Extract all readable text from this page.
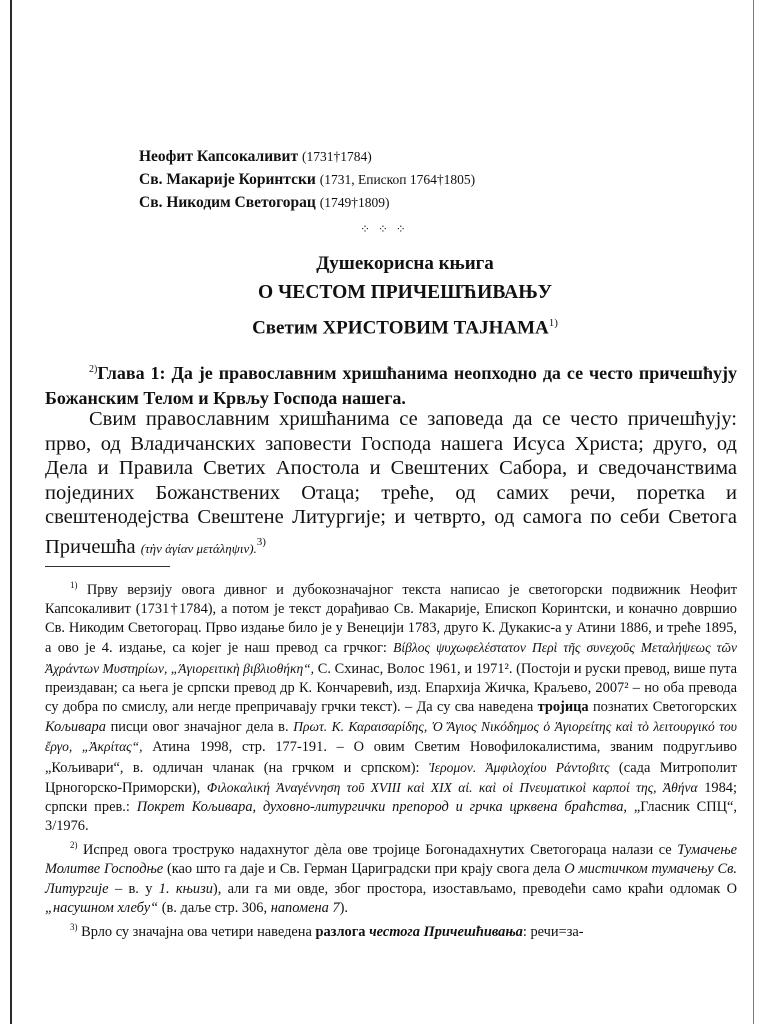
Неофит Капсокаливит (1731†1784)
Св. Макарије Коринтски (1731, Епископ 1764†1805)
Св. Никодим Светогорац (1749†1809)
⁘ ⁘ ⁘
Душекорисна књига
О ЧЕСТОМ ПРИЧЕШЋИВАЊУ
Светим ХРИСТОВИМ ТАЈНАМА$^{1)}$
$^{2)}$Глава 1: Да је православним хришћанима неопходно да се често причешћују Божанским Телом и Крвљу Господа нашега.
Свим православним хришћанима се заповеда да се често причешћују: прво, од Владичанских заповести Господа нашега Исуса Христа; друго, од Дела и Правила Светих Апостола и Свештених Сабора, и сведочанствима појединих Божанствених Отаца; треће, од самих речи, поретка и свештенодејства Свештене Литургије; и четврто, од самога по себи Светога Причешћа (τὴν ἁγίαν μετάληψιν).$^{3)}$

$^{1)}$ Прву верзију овога дивног и дубокозначајног текста написао је светогорски подвижник Неофит Капсокаливит (1731†1784), а потом је текст дорађивао Св. Макарије, Епископ Коринтски, и коначно довршио Св. Никодим Светогорац. Прво издање било је у Венецији 1783, друго К. Дукакис-а у Атини 1886, и треће 1895, а ово је 4. издање, са којег је наш превод са грчког: Βίβλος ψυχωφελέστατον Περὶ τῆς συνεχοῦς Μεταλήψεως τῶν Ἀχράντων Μυστηρίων, „Ἁγιορειτικὴ βιβλιοθήκη“, С. Схинас, Волос 1961, и 1971². (Постоји и руски превод, више пута преиздаван; са њега је српски превод др К. Кончаревић, изд. Епархија Жичка, Краљево, 2007² – но оба превода су добра по смислу, али негде препричавају грчки текст). – Да су сва наведена тројица познатих Светогорских Кољивара писци овог значајног дела в. Πρωτ. Κ. Καραισαρίδης, Ὁ Ἅγιος Νικόδημος ὁ Ἁγιορείτης καὶ τὸ λειτουργικό του ἔργο, „Ἀκρίτας“, Атина 1998, стр. 177-191. – О овим Светим Новофилокалистима, званим подругљиво „Кољивари“, в. одличан чланак (на грчком и српском): Ἱερομον. Ἀμφιλοχίου Ράντοβιτς (сада Митрополит Црногорско-Приморски), Φιλοκαλική Ἀναγέννηση τοῦ XVIII καὶ XIX αἰ. καὶ οἱ Πνευματικοὶ καρποί της, Ἀθήνα 1984; српски прев.: Покрет Кољивара, духовно-литургички препород и грчка црквена браћства, „Гласник СПЦ“, 3/1976.

$^{2)}$ Испред овога троструко надахнутог дѐла ове тројице Богонадахнутих Светогораца налази се Тумачење Молитве Господње (као што га даје и Св. Герман Цариградски при крају свога дела О мистичком тумачењу Св. Литургије – в. у 1. књизи), али га ми овде, због простора, изостављамо, преводећи само краћи одломак О „насушном хлебу“ (в. даље стр. 306, напомена 7).

$^{3)}$ Врло су значајна ова четири наведена разлога честога Причешћивања: речи=за-
